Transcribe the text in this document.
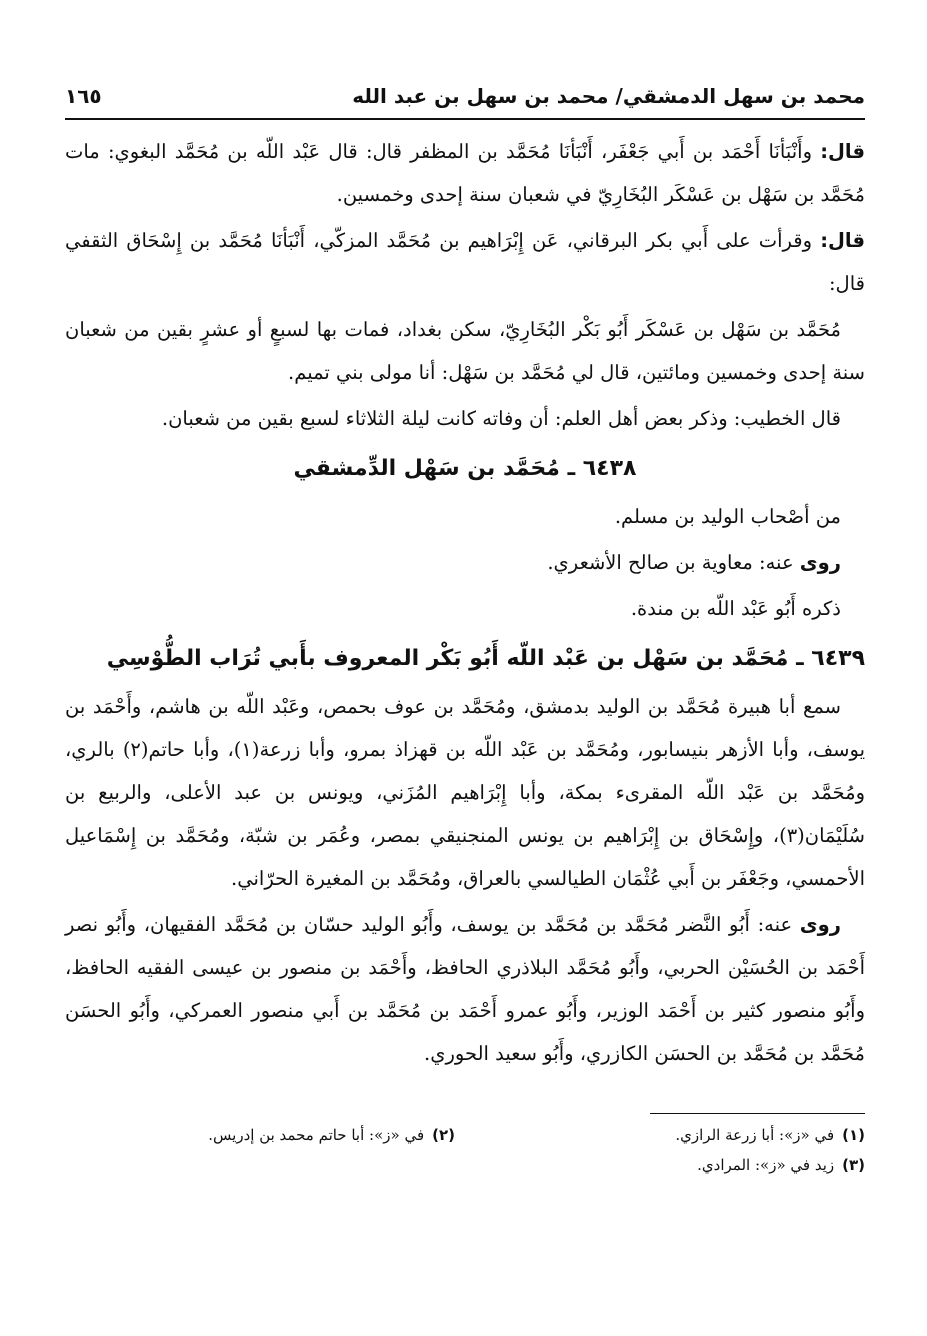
محمد بن سهل الدمشقي/ محمد بن سهل بن عبد الله
١٦٥

قال: وأَنْبَأنَا أَحْمَد بن أَبي جَعْفَر، أَنْبَأنَا مُحَمَّد بن المظفر قال: قال عَبْد اللّه بن مُحَمَّد البغوي: مات مُحَمَّد بن سَهْل بن عَسْكَر البُخَارِيّ في شعبان سنة إحدى وخمسين.

قال: وقرأت على أَبي بكر البرقاني، عَن إِبْرَاهيم بن مُحَمَّد المزكّي، أَنْبَأنَا مُحَمَّد بن إِسْحَاق الثقفي قال:

مُحَمَّد بن سَهْل بن عَسْكَر أَبُو بَكْر البُخَارِيّ، سكن بغداد، فمات بها لسبعٍ أو عشرٍ بقين من شعبان سنة إحدى وخمسين ومائتين، قال لي مُحَمَّد بن سَهْل: أنا مولى بني تميم.

قال الخطيب: وذكر بعض أهل العلم: أن وفاته كانت ليلة الثلاثاء لسبع بقين من شعبان.

٦٤٣٨ ـ مُحَمَّد بن سَهْل الدِّمشقي

من أصْحاب الوليد بن مسلم.

روى عنه: معاوية بن صالح الأشعري.

ذكره أَبُو عَبْد اللّه بن مندة.

٦٤٣٩ ـ مُحَمَّد بن سَهْل بن عَبْد اللّه أَبُو بَكْر المعروف بأَبي تُرَاب الطُّوْسِي

سمع أبا هبيرة مُحَمَّد بن الوليد بدمشق، ومُحَمَّد بن عوف بحمص، وعَبْد اللّه بن هاشم، وأَحْمَد بن يوسف، وأبا الأزهر بنيسابور، ومُحَمَّد بن عَبْد اللّه بن قهزاذ بمرو، وأبا زرعة(١)، وأبا حاتم(٢) بالري، ومُحَمَّد بن عَبْد اللّه المقرىء بمكة، وأبا إِبْرَاهيم المُزَني، ويونس بن عبد الأعلى، والربيع بن سُلَيْمَان(٣)، وإِسْحَاق بن إِبْرَاهيم بن يونس المنجنيقي بمصر، وعُمَر بن شبّة، ومُحَمَّد بن إِسْمَاعيل الأحمسي، وجَعْفَر بن أَبي عُثْمَان الطيالسي بالعراق، ومُحَمَّد بن المغيرة الحرّاني.

روى عنه: أَبُو النَّضر مُحَمَّد بن مُحَمَّد بن يوسف، وأَبُو الوليد حسّان بن مُحَمَّد الفقيهان، وأَبُو نصر أَحْمَد بن الحُسَيْن الحربي، وأَبُو مُحَمَّد البلاذري الحافظ، وأَحْمَد بن منصور بن عيسى الفقيه الحافظ، وأَبُو منصور كثير بن أَحْمَد الوزير، وأَبُو عمرو أَحْمَد بن مُحَمَّد بن أَبي منصور العمركي، وأَبُو الحسَن مُحَمَّد بن مُحَمَّد بن الحسَن الكازري، وأَبُو سعيد الحوري.

(١)في «ز»: أبا زرعة الرازي.
(٢)في «ز»: أبا حاتم محمد بن إدريس.
(٣)زيد في «ز»: المرادي.
